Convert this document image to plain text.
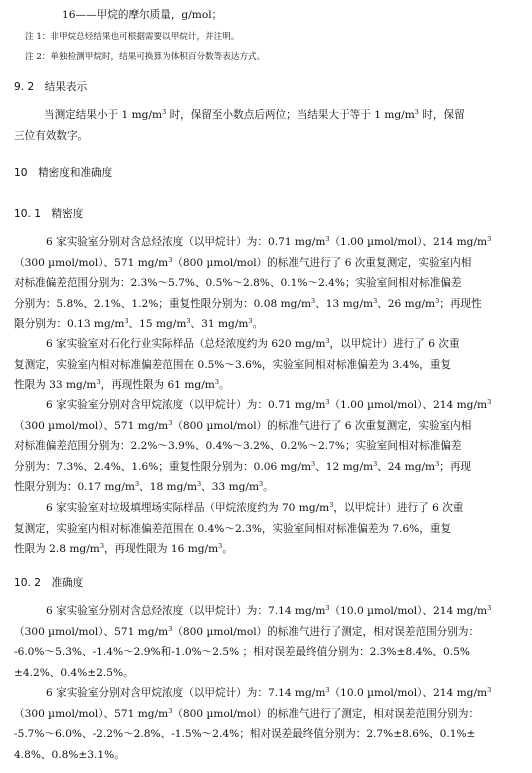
16——甲烷的摩尔质量，g/mol；
注 1：非甲烷总烃结果也可根据需要以甲烷计，并注明。
注 2：单独检测甲烷时，结果可换算为体积百分数等表达方式。
9. 2　结果表示
10　精密度和准确度
10. 1　精密度
10. 2　准确度
当测定结果小于 1 $mg/m^3$ 时，保留至小数点后两位；当结果大于等于 1 $mg/m^3$ 时，保留
三位有效数字。
6 家实验室分别对含总烃浓度（以甲烷计）为：0.71 $mg/m^3(1.00$ µmol/mol）、214 $mg/m^3$
（300 µmol/mol）、571 $mg/m^3(800$ µmol/mol）的标准气进行了 6 次重复测定，实验室内相
对标准偏差范围分别为：2.3%～5.7%、0.5%～2.8%、0.1%～2.4%；实验室间相对标准偏差
分别为：5.8%、2.1%、1.2%；重复性限分别为：0.08 $mg/m^3$、13 $mg/m^3$、26 $mg/m^3$；再现性
限分别为：0.13 $mg/m^3$、15 $mg/m^3$、31 $mg/m^3$。
6 家实验室对石化行业实际样品（总烃浓度约为 620 $mg/m^3$，以甲烷计）进行了 6 次重
复测定，实验室内相对标准偏差范围在 0.5%～3.6%，实验室间相对标准偏差为 3.4%，重复
性限为 33 $mg/m^3$，再现性限为 61 $mg/m^3$。
6 家实验室分别对含甲烷浓度（以甲烷计）为：0.71 $mg/m^3(1.00$ µmol/mol）、214 $mg/m^3$
（300 µmol/mol）、571 $mg/m^3(800$ µmol/mol）的标准气进行了 6 次重复测定，实验室内相
对标准偏差范围分别为：2.2%～3.9%、0.4%～3.2%、0.2%～2.7%；实验室间相对标准偏差
分别为：7.3%、2.4%、1.6%；重复性限分别为：0.06 $mg/m^3$、12 $mg/m^3$、24 $mg/m^3$；再现
性限分别为：0.17 $mg/m^3$、18 $mg/m^3$、33 $mg/m^3$。
6 家实验室对垃圾填埋场实际样品（甲烷浓度约为 70 $mg/m^3$，以甲烷计）进行了 6 次重
复测定，实验室内相对标准偏差范围在 0.4%～2.3%，实验室间相对标准偏差为 7.6%，重复
性限为 2.8 $mg/m^3$，再现性限为 16 $mg/m^3$。
6 家实验室分别对含总烃浓度（以甲烷计）为：7.14 $mg/m^3(10.0$ µmol/mol）、214 $mg/m^3$
（300 µmol/mol）、571 $mg/m^3(800$ µmol/mol）的标准气进行了测定，相对误差范围分别为：
-6.0%～5.3%、-1.4%～2.9%和-1.0%～2.5% ；相对误差最终值分别为：2.3%±8.4%、0.5%
±4.2%、0.4%±2.5%。
6 家实验室分别对含甲烷浓度（以甲烷计）为：7.14 $mg/m^3(10.0$ µmol/mol）、214 $mg/m^3$
（300 µmol/mol）、571 $mg/m^3(800$ µmol/mol）的标准气进行了测定，相对误差范围分别为：
-5.7%～6.0%、-2.2%～2.8%、-1.5%～2.4%；相对误差最终值分别为：2.7%±8.6%、0.1%±
4.8%、0.8%±3.1%。
